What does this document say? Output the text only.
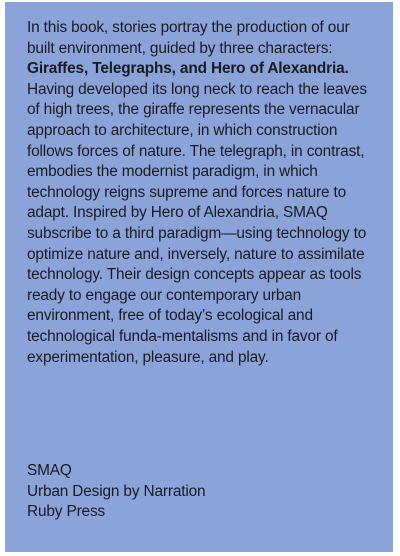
In this book, stories portray the production of our built environment, guided by three characters: Giraffes, Telegraphs, and Hero of Alexandria. Having developed its long neck to reach the leaves of high trees, the giraffe represents the vernacular approach to architecture, in which construction follows forces of nature. The telegraph, in contrast, embodies the modernist paradigm, in which technology reigns supreme and forces nature to adapt. Inspired by Hero of Alexandria, SMAQ subscribe to a third paradigm—using technology to optimize nature and, inversely, nature to assimilate technology. Their design concepts appear as tools ready to engage our contemporary urban environment, free of today’s ecological and technological funda-mentalisms and in favor of experimentation, pleasure, and play.

SMAQ
Urban Design by Narration
Ruby Press
